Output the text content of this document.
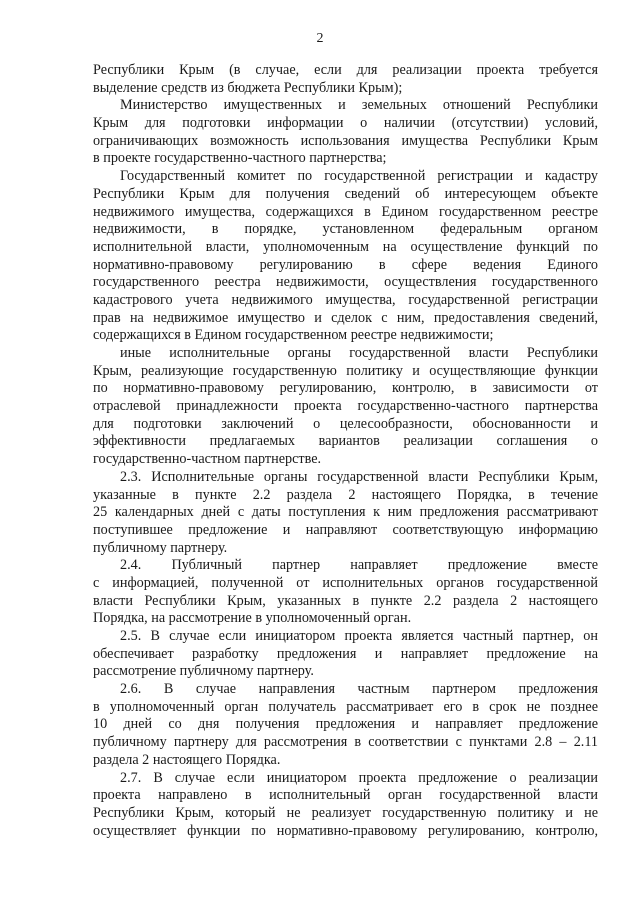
2
Республики Крым (в случае, если для реализации проекта требуется
выделение средств из бюджета Республики Крым);
Министерство имущественных и земельных отношений Республики
Крым для подготовки информации о наличии (отсутствии) условий,
ограничивающих возможность использования имущества Республики Крым
в проекте государственно-частного партнерства;
Государственный комитет по государственной регистрации и кадастру
Республики Крым для получения сведений об интересующем объекте
недвижимого имущества, содержащихся в Едином государственном реестре
недвижимости, в порядке, установленном федеральным органом
исполнительной власти, уполномоченным на осуществление функций по
нормативно-правовому регулированию в сфере ведения Единого
государственного реестра недвижимости, осуществления государственного
кадастрового учета недвижимого имущества, государственной регистрации
прав на недвижимое имущество и сделок с ним, предоставления сведений,
содержащихся в Едином государственном реестре недвижимости;
иные исполнительные органы государственной власти Республики
Крым, реализующие государственную политику и осуществляющие функции
по нормативно-правовому регулированию, контролю, в зависимости от
отраслевой принадлежности проекта государственно-частного партнерства
для подготовки заключений о целесообразности, обоснованности и
эффективности предлагаемых вариантов реализации соглашения о
государственно-частном партнерстве.
2.3. Исполнительные органы государственной власти Республики Крым,
указанные в пункте 2.2 раздела 2 настоящего Порядка, в течение
25 календарных дней с даты поступления к ним предложения рассматривают
поступившее предложение и направляют соответствующую информацию
публичному партнеру.
2.4. Публичный партнер направляет предложение вместе
с информацией, полученной от исполнительных органов государственной
власти Республики Крым, указанных в пункте 2.2 раздела 2 настоящего
Порядка, на рассмотрение в уполномоченный орган.
2.5. В случае если инициатором проекта является частный партнер, он
обеспечивает разработку предложения и направляет предложение на
рассмотрение публичному партнеру.
2.6. В случае направления частным партнером предложения
в уполномоченный орган получатель рассматривает его в срок не позднее
10 дней со дня получения предложения и направляет предложение
публичному партнеру для рассмотрения в соответствии с пунктами 2.8 – 2.11
раздела 2 настоящего Порядка.
2.7. В случае если инициатором проекта предложение о реализации
проекта направлено в исполнительный орган государственной власти
Республики Крым, который не реализует государственную политику и не
осуществляет функции по нормативно-правовому регулированию, контролю,
